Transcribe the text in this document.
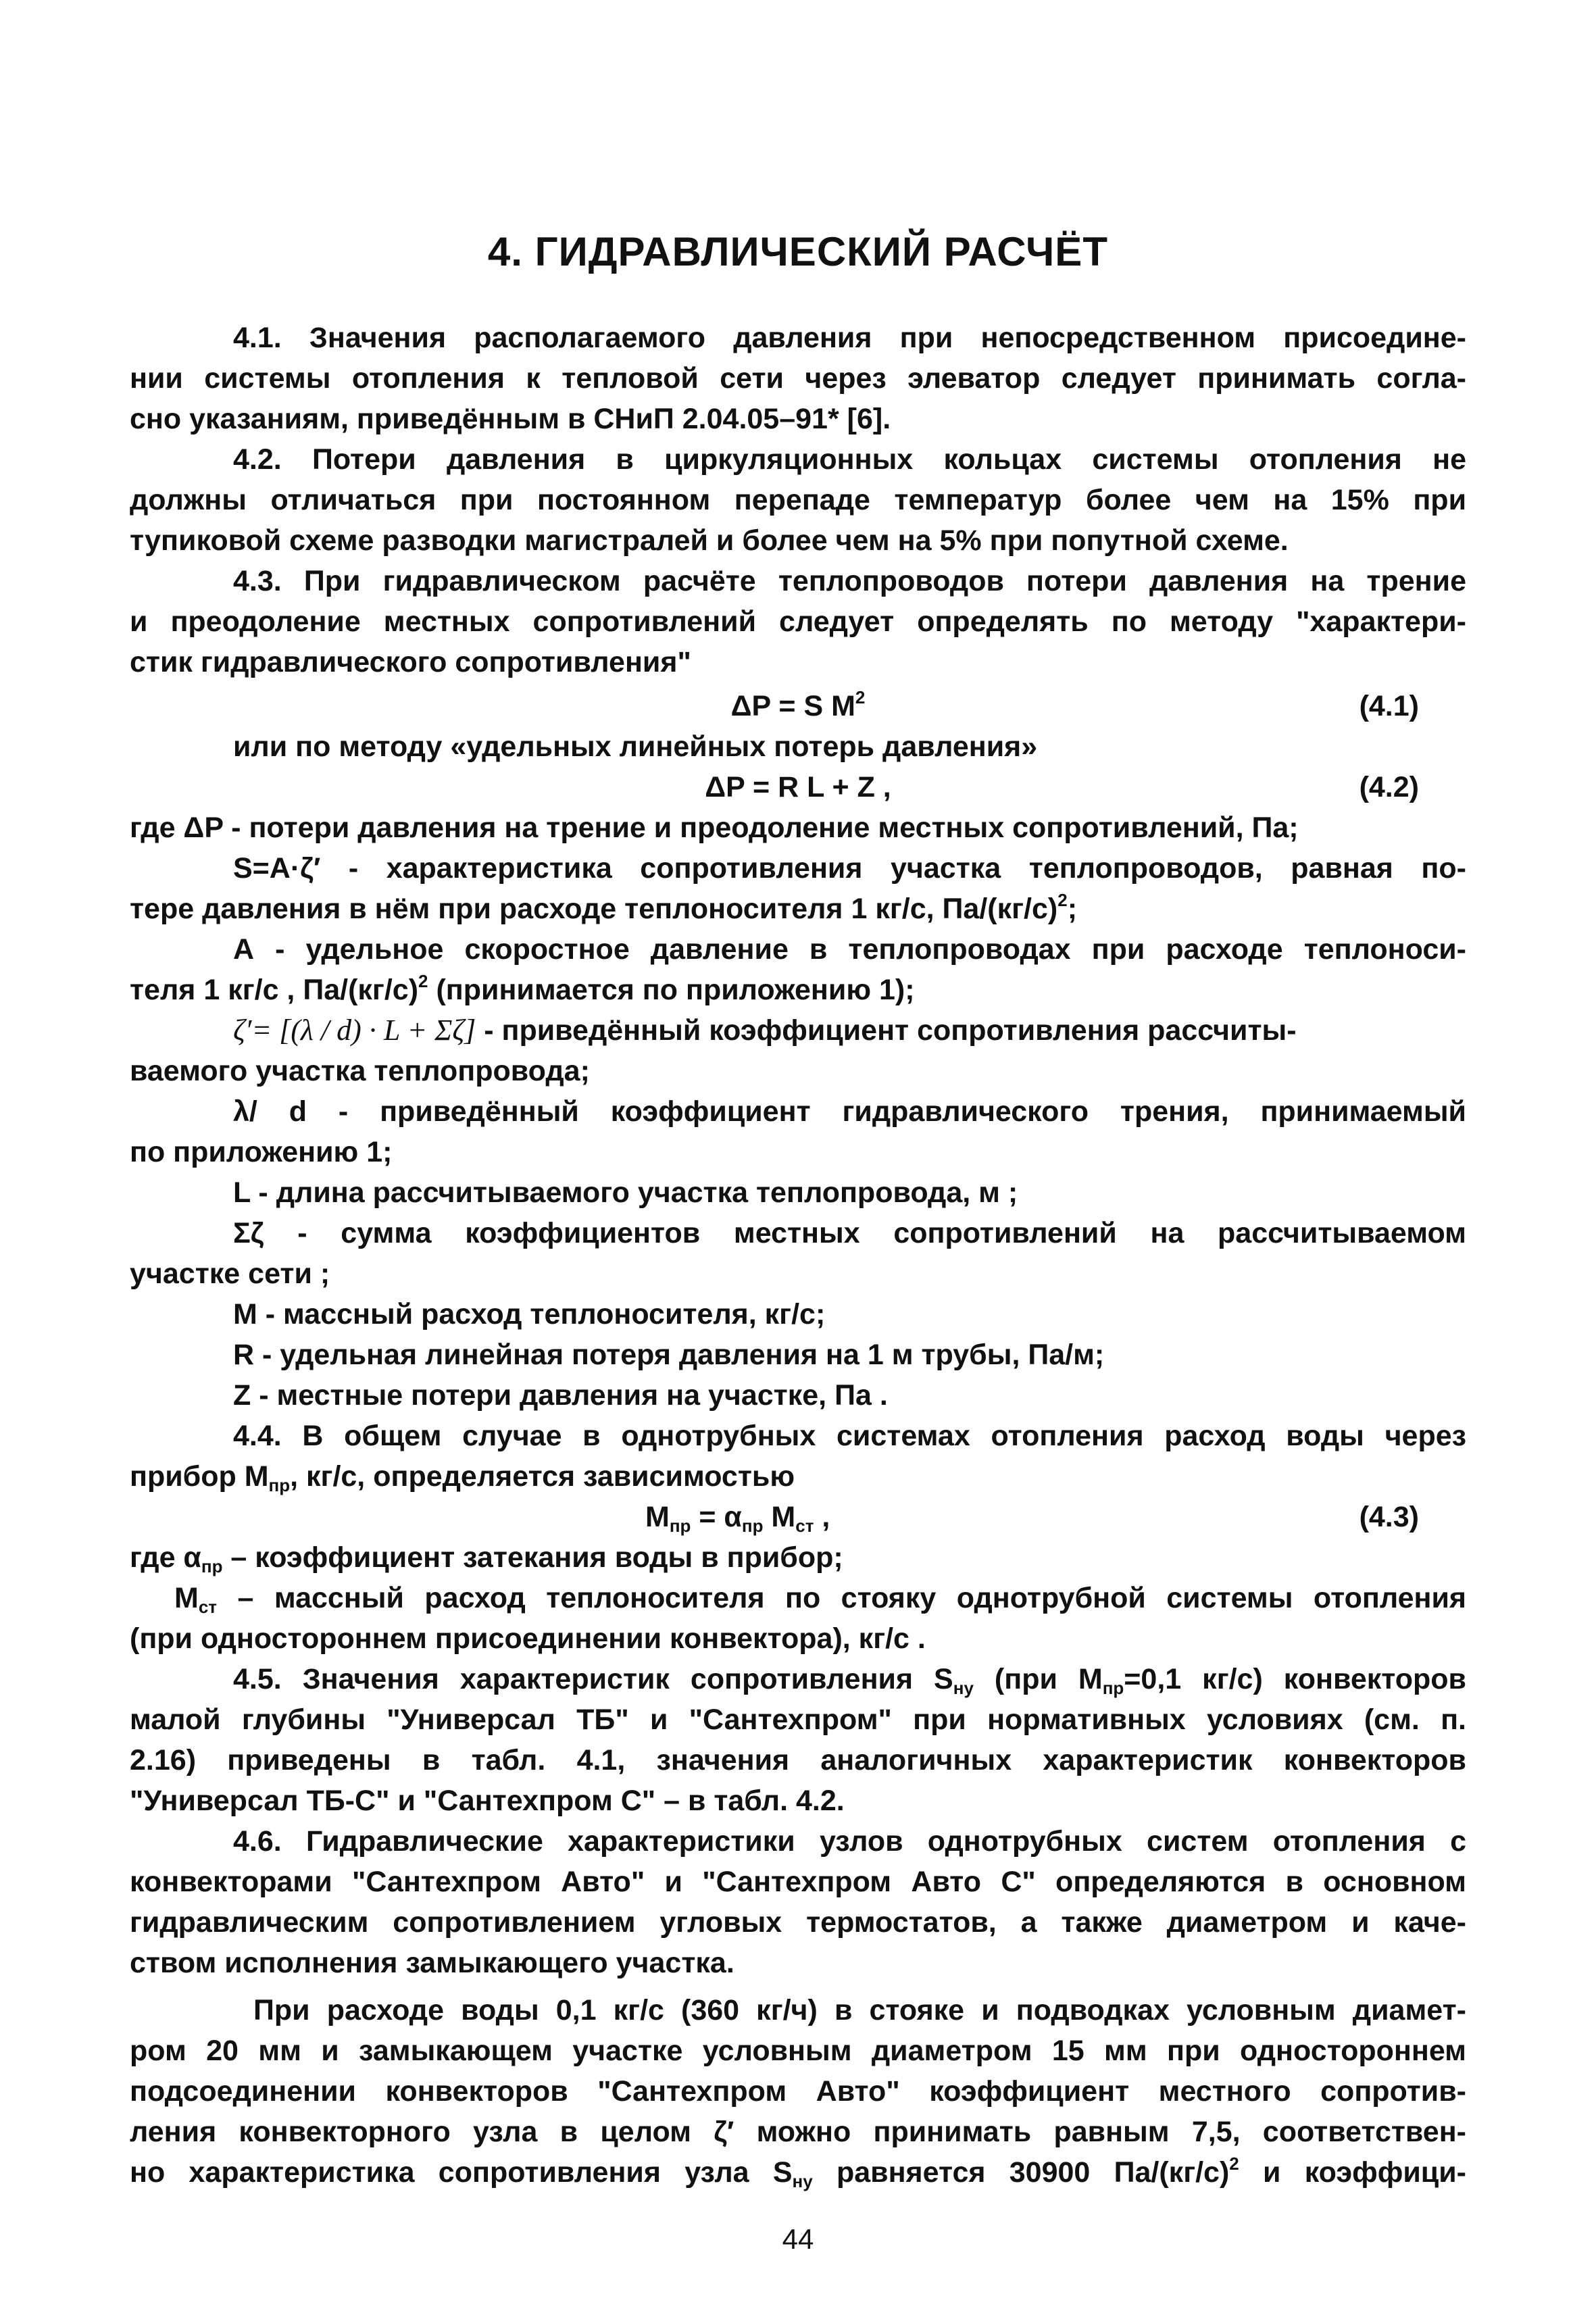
4. ГИДРАВЛИЧЕСКИЙ РАСЧЁТ
4.1. Значения располагаемого давления при непосредственном присоедине-
нии системы отопления к тепловой сети через элеватор следует принимать согла-
сно указаниям, приведённым в СНиП 2.04.05–91* [6].
4.2. Потери давления в циркуляционных кольцах системы отопления не
должны отличаться при постоянном перепаде температур более чем на 15% при
тупиковой схеме разводки магистралей и более чем на 5% при попутной схеме.
4.3. При гидравлическом расчёте теплопроводов потери давления на трение
и преодоление местных сопротивлений следует определять по методу "характери-
стик гидравлического сопротивления"
ΔP = S $M^2$	(4.1)
или по методу «удельных линейных потерь давления»
ΔP = R L + Z ,	(4.2)
где ΔP - потери давления на трение и преодоление местных сопротивлений, Па;
S=A·ζ′ - характеристика сопротивления участка теплопроводов, равная по-
тере давления в нём при расходе теплоносителя 1 кг/с, $Па/(кг/с)^2$;
А - удельное скоростное давление в теплопроводах при расходе теплоноси-
теля 1 кг/с , $Па/(кг/с)^2$ (принимается по приложению 1);
ζ′= [(λ / d) · L + Σζ] - приведённый коэффициент сопротивления рассчиты-
ваемого участка теплопровода;
λ/ d - приведённый коэффициент гидравлического трения, принимаемый
по приложению 1;
L - длина рассчитываемого участка теплопровода, м ;
Σζ - сумма коэффициентов местных сопротивлений на рассчитываемом
участке сети ;
М - массный расход теплоносителя, кг/с;
R - удельная линейная потеря давления на 1 м трубы, Па/м;
Z - местные потери давления на участке, Па .
4.4. В общем случае в однотрубных системах отопления расход воды через
прибор $М_{пр}$, кг/с, определяется зависимостью
$М_{пр} = \alpha_{пр}$ $М_{ст}$ ,	(4.3)
где $\alpha_{пр}$ – коэффициент затекания воды в прибор;
$М_{ст}$ – массный расход теплоносителя по стояку однотрубной системы отопления
(при одностороннем присоединении конвектора), кг/с .
4.5. Значения характеристик сопротивления $S_{ну}$ (при $М_{пр}=0,1$ кг/с) конвекторов
малой глубины "Универсал ТБ" и "Сантехпром" при нормативных условиях (см. п.
2.16) приведены в табл. 4.1, значения аналогичных характеристик конвекторов
"Универсал ТБ-С" и "Сантехпром С" – в табл. 4.2.
4.6. Гидравлические характеристики узлов однотрубных систем отопления с
конвекторами "Сантехпром Авто" и "Сантехпром Авто С" определяются в основном
гидравлическим сопротивлением угловых термостатов, а также диаметром и каче-
ством исполнения замыкающего участка.
При расходе воды 0,1 кг/с (360 кг/ч) в стояке и подводках условным диамет-
ром 20 мм и замыкающем участке условным диаметром 15 мм при одностороннем
подсоединении конвекторов "Сантехпром Авто" коэффициент местного сопротив-
ления конвекторного узла в целом ζ′ можно принимать равным 7,5, соответствен-
но характеристика сопротивления узла $S_{ну}$ равняется 30900 $Па/(кг/с)^2$ и коэффици-
44
